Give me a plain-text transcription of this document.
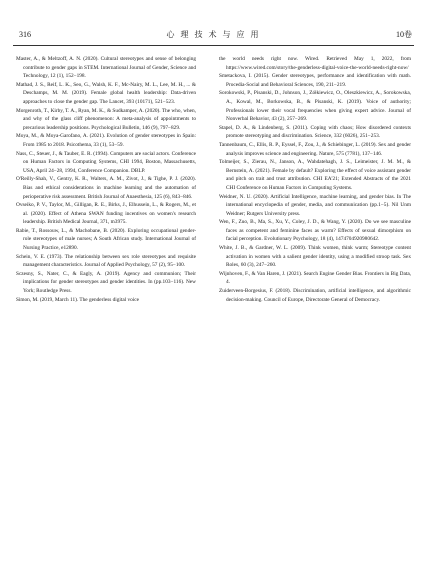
316	心 理 技 术 与 应 用	10卷

Master, A., & Meltzoff, A. N. (2020). Cultural stereotypes and sense of belonging contribute to gender gaps in STEM. International Journal of Gender, Science and Technology, 12 (1), 152−198.

Mathad, J. S., Reif, L. K., Seo, G., Walsh, K. F., Mc-Nairy, M. L., Lee, M. H., ... & Deschamps, M. M. (2019). Female global health leadership: Data-driven approaches to close the gender gap. The Lancet, 393 (10171), 521−523.

Morgenroth, T., Kirby, T. A., Ryan, M. K., & Sudkamper, A. (2020). The who, when, and why of the glass cliff phenomenon: A meta-analysis of appointments to precarious leadership positions. Psychological Bulletin, 146 (9), 797−829.

Moya, M., & Moya-Garofano, A. (2021). Evolution of gender stereotypes in Spain: From 1985 to 2018. Psicothema, 33 (1), 53−59.

Nass, C., Steuer, J., & Tauber, E. R. (1994). Computers are social actors. Conference on Human Factors in Computing Systems, CHI 1994, Boston, Massachusetts, USA, April 24−28, 1994, Conference Companion. DBLP.

O'Reilly-Shah, V., Gentry, K. R., Walters, A. M., Zivot, J., & Tighe, P. J. (2020). Bias and ethical considerations in machine learning and the automation of perioperative risk assessment. British Journal of Anaesthesia, 125 (6), 843−846.

Ovseiko, P. V., Taylor, M., Gilligan, R. E., Birks, J., Elhussein, L., & Rogers, M., et al. (2020). Effect of Athena SWAN funding incentives on women's research leadership. British Medical Journal, 371, m3975.

Rabie, T., Rossouw, L., & Machobane, B. (2020). Exploring occupational gender-role stereotypes of male nurses; A South African study. International Journal of Nursing Practice, e12890.

Schein, V. E. (1973). The relationship between sex role stereotypes and requisite management characteristics. Journal of Applied Psychology, 57 (2), 95−100.

Sczesny, S., Nater, C., & Eagly, A. (2019). Agency and communion; Their implications for gender stereotypes and gender identities. In (pp.103−116). New York; Routledge Press.

Simon, M. (2019, March 11). The genderless digital voice

the world needs right now. Wired. Retrieved May 1, 2022, from https://www.wired.com/story/the-genderless-digital-voice-the-world-needs-right-now/

Smetackova, I. (2015). Gender stereotypes, performance and identification with math. Procedia-Social and Behavioral Sciences, 190, 211−219.

Sorokowski, P., Pisanski, D., Johnson, J., Zółkiewicz, O., Oleszkiewicz, A., Sorokowska, A., Kowal, M., Borkowska, B., & Pisanski, K. (2019). Voice of authority; Professionals lower their vocal frequencies when giving expert advice. Journal of Nonverbal Behavior, 43 (2), 257−269.

Stapel, D. A., & Lindenberg, S. (2011). Coping with chaos; How disordered contexts promote stereotyping and discrimination. Science, 332 (6026), 251−253.

Tannenbaum, C., Ellis, R. P., Eyssel, F., Zou, J., & Schiebinger, L. (2019). Sex and gender analysis improves science and engineering. Nature, 575 (7781), 137−146.

Tolmeijer, S., Zierau, N., Janson, A., Wahdatehagh, J. S., Leimeister, J. M. M., & Bernstein, A. (2021). Female by default? Exploring the effect of voice assistant gender and pitch on trait and trust attribution. CHI EA'21; Extended Abstracts of the 2021 CHI Conference on Human Factors in Computing Systems.

Weidner, N. U. (2020). Artificial Intelligence, machine learning, and gender bias. In The international encyclopedia of gender, media, and communication (pp.1−5). Nil Unm Weidner; Rutgers University press.

Wen, F., Zuo, B., Ma, S., Xu, Y., Coley, J. D., & Wang, Y. (2020). Do we see masculine faces as competent and feminine faces as warm? Effects of sexual dimorphism on facial perception. Evolutionary Psychology, 18 (4), 1474704920980642.

White, J. B., & Gardner, W. L. (2009). Think women, think warm; Stereotype content activation in women with a salient gender identity, using a modified stroop task. Sex Roles, 60 (3), 247−260.

Wijnhoven, F., & Van Haren, J. (2021). Search Engine Gender Bias. Frontiers in Big Data, 4.

Zuiderveen-Borgesius, F. (2018). Discrimination, artificial intelligence, and algorithmic decision-making. Council of Europe, Directorate General of Democracy.
